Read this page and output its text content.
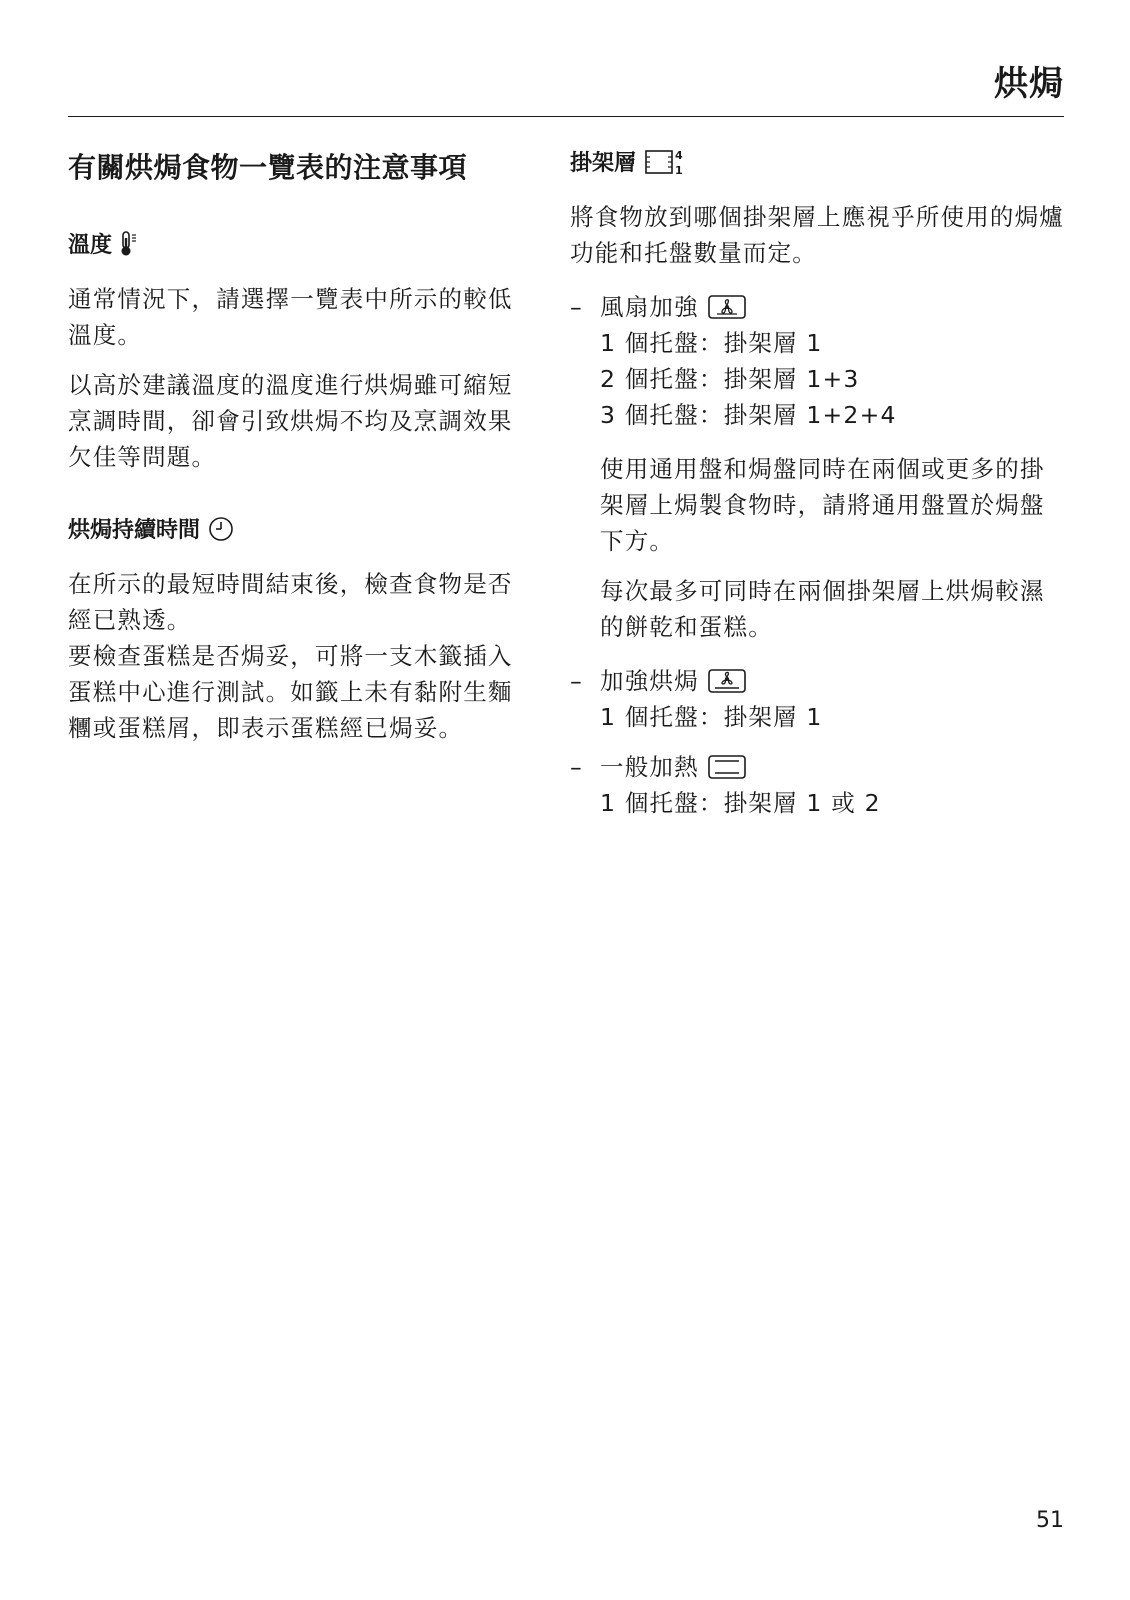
烘焗
有關烘焗食物一覽表的注意事項
溫度

通常情況下，請選擇一覽表中所示的較低溫度。

以高於建議溫度的溫度進行烘焗雖可縮短烹調時間，卻會引致烘焗不均及烹調效果欠佳等問題。

烘焗持續時間

在所示的最短時間結束後，檢查食物是否經已熟透。

要檢查蛋糕是否焗妥，可將一支木籤插入蛋糕中心進行測試。如籤上未有黏附生麵糰或蛋糕屑，即表示蛋糕經已焗妥。

掛架層	4
1

將食物放到哪個掛架層上應視乎所使用的焗爐功能和托盤數量而定。

– 風扇加強
1 個托盤：掛架層 1
2 個托盤：掛架層 1+3
3 個托盤：掛架層 1+2+4

使用通用盤和焗盤同時在兩個或更多的掛架層上焗製食物時，請將通用盤置於焗盤下方。

每次最多可同時在兩個掛架層上烘焗較濕的餅乾和蛋糕。

– 加強烘焗
1 個托盤：掛架層 1
– 一般加熱
1 個托盤：掛架層 1 或 2
51
